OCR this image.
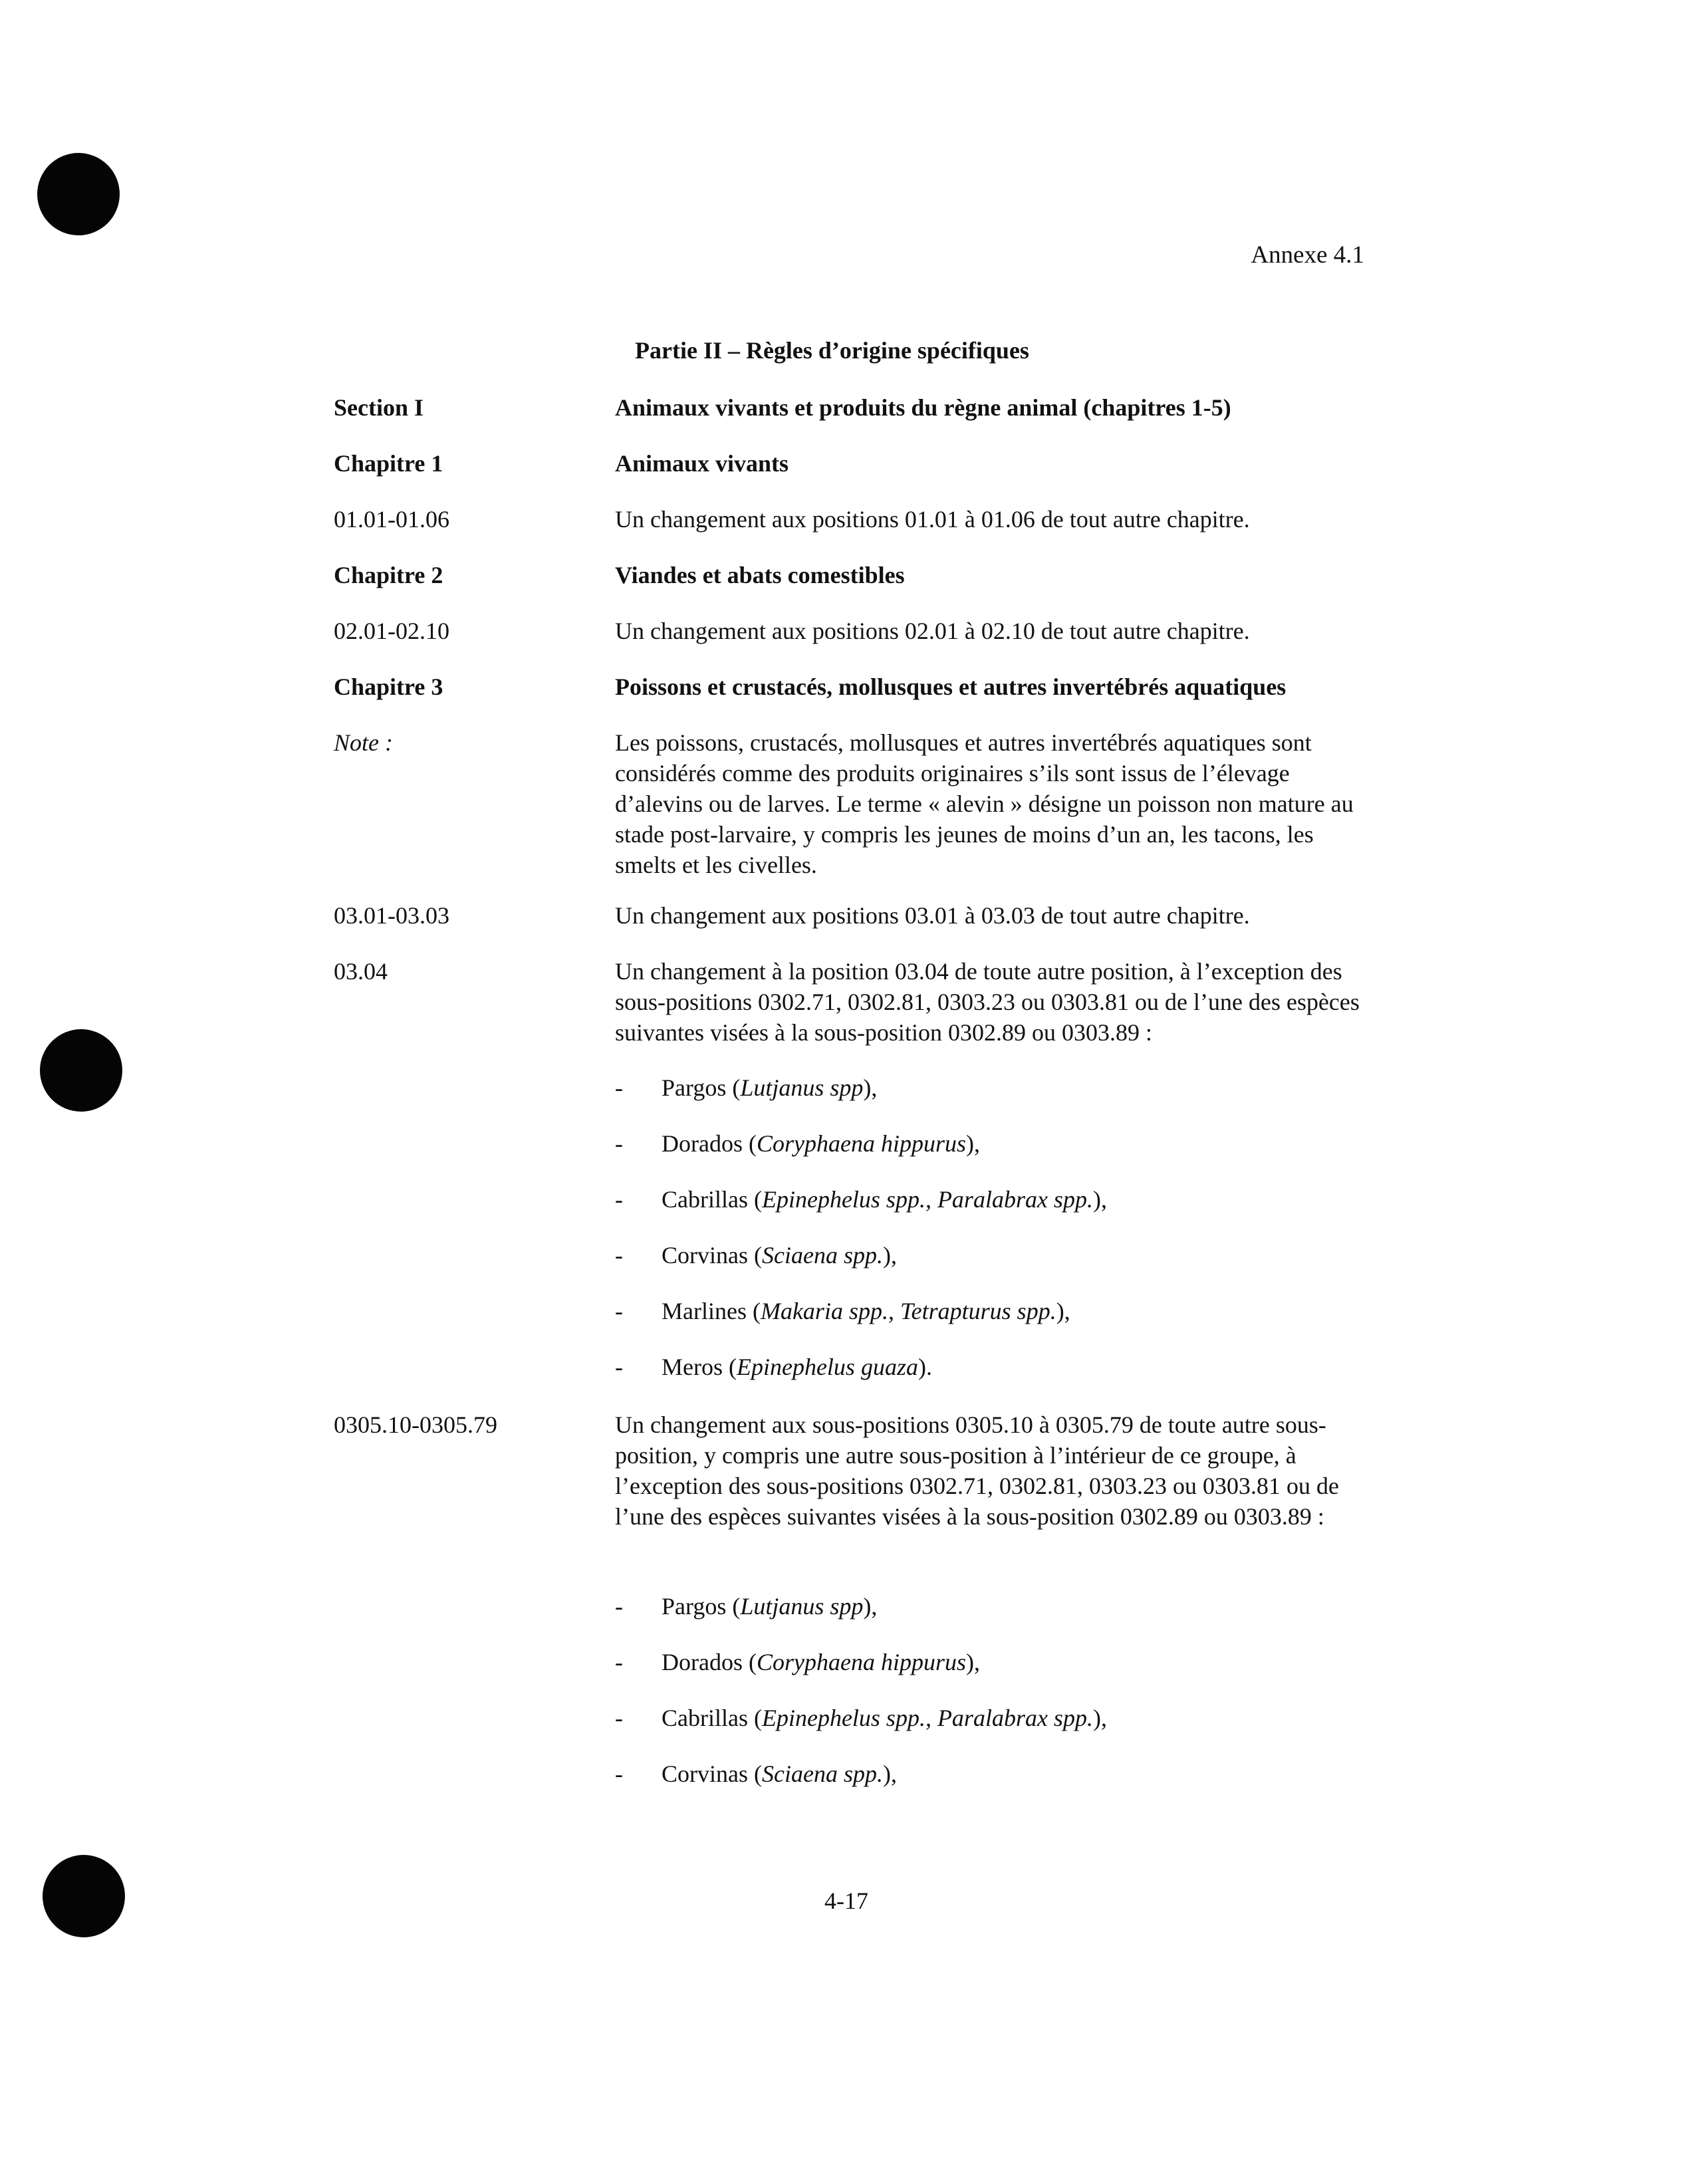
Annexe 4.1
Partie II – Règles d’origine spécifiques
Section I	Animaux vivants et produits du règne animal (chapitres 1-5)
Chapitre 1	Animaux vivants
01.01-01.06	Un changement aux positions 01.01 à 01.06 de tout autre chapitre.
Chapitre 2	Viandes et abats comestibles
02.01-02.10	Un changement aux positions 02.01 à 02.10 de tout autre chapitre.
Chapitre 3	Poissons et crustacés, mollusques et autres invertébrés aquatiques
Note :	Les poissons, crustacés, mollusques et autres invertébrés aquatiques sont considérés comme des produits originaires s’ils sont issus de l’élevage d’alevins ou de larves. Le terme « alevin » désigne un poisson non mature au stade post-larvaire, y compris les jeunes de moins d’un an, les tacons, les smelts et les civelles.
03.01-03.03	Un changement aux positions 03.01 à 03.03 de tout autre chapitre.
03.04	Un changement à la position 03.04 de toute autre position, à l’exception des sous-positions 0302.71, 0302.81, 0303.23 ou 0303.81 ou de l’une des espèces suivantes visées à la sous-position 0302.89 ou 0303.89 :
-	Pargos (Lutjanus spp),
-	Dorados (Coryphaena hippurus),
-	Cabrillas (Epinephelus spp., Paralabrax spp.),
-	Corvinas (Sciaena spp.),
-	Marlines (Makaria spp., Tetrapturus spp.),
-	Meros (Epinephelus guaza).
0305.10-0305.79	Un changement aux sous-positions 0305.10 à 0305.79 de toute autre sous-position, y compris une autre sous-position à l’intérieur de ce groupe, à l’exception des sous-positions 0302.71, 0302.81, 0303.23 ou 0303.81 ou de l’une des espèces suivantes visées à la sous-position 0302.89 ou 0303.89 :
-	Pargos (Lutjanus spp),
-	Dorados (Coryphaena hippurus),
-	Cabrillas (Epinephelus spp., Paralabrax spp.),
-	Corvinas (Sciaena spp.),
4-17
